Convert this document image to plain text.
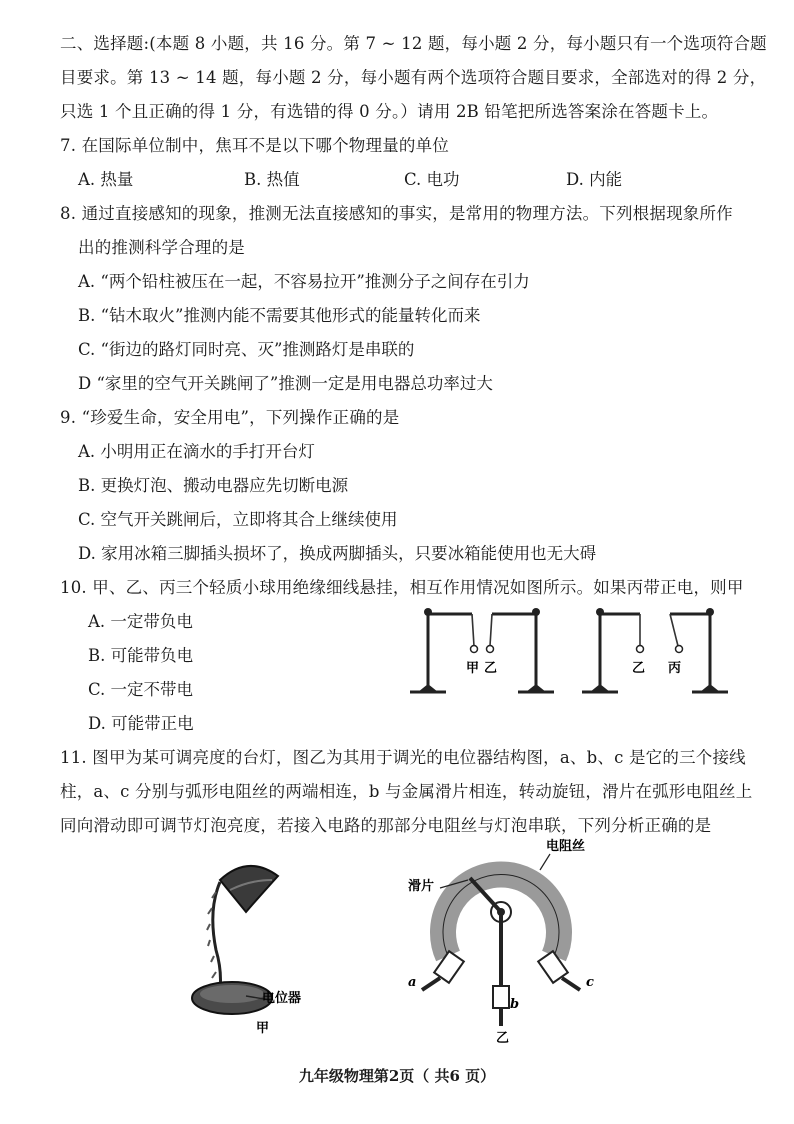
二、选择题:(本题 8 小题，共 16 分。第 7 ~ 12 题，每小题 2 分，每小题只有一个选项符合题
目要求。第 13 ~ 14 题，每小题 2 分，每小题有两个选项符合题目要求，全部选对的得 2 分，
只选 1 个且正确的得 1 分，有选错的得 0 分。）请用 2B 铅笔把所选答案涂在答题卡上。
7. 在国际单位制中，焦耳不是以下哪个物理量的单位
A. 热量	B. 热值	C. 电功	D. 内能
8. 通过直接感知的现象，推测无法直接感知的事实，是常用的物理方法。下列根据现象所作
出的推测科学合理的是
A. “两个铅柱被压在一起，不容易拉开”推测分子之间存在引力
B. “钻木取火”推测内能不需要其他形式的能量转化而来
C. “街边的路灯同时亮、灭”推测路灯是串联的
D “家里的空气开关跳闸了”推测一定是用电器总功率过大
9. “珍爱生命，安全用电”，下列操作正确的是
A. 小明用正在滴水的手打开台灯
B. 更换灯泡、搬动电器应先切断电源
C. 空气开关跳闸后，立即将其合上继续使用
D. 家用冰箱三脚插头损坏了，换成两脚插头，只要冰箱能使用也无大碍
10. 甲、乙、丙三个轻质小球用绝缘细线悬挂，相互作用情况如图所示。如果丙带正电，则甲
A. 一定带负电
B. 可能带负电
C. 一定不带电
D. 可能带正电
甲 乙	乙 丙
11. 图甲为某可调亮度的台灯，图乙为其用于调光的电位器结构图，a、b、c 是它的三个接线
柱，a、c 分别与弧形电阻丝的两端相连，b 与金属滑片相连，转动旋钮，滑片在弧形电阻丝上
同向滑动即可调节灯泡亮度，若接入电路的那部分电阻丝与灯泡串联，下列分析正确的是
电位器
甲
电阻丝
滑片
a	c
b
乙
九年级物理第2页（ 共6 页）
